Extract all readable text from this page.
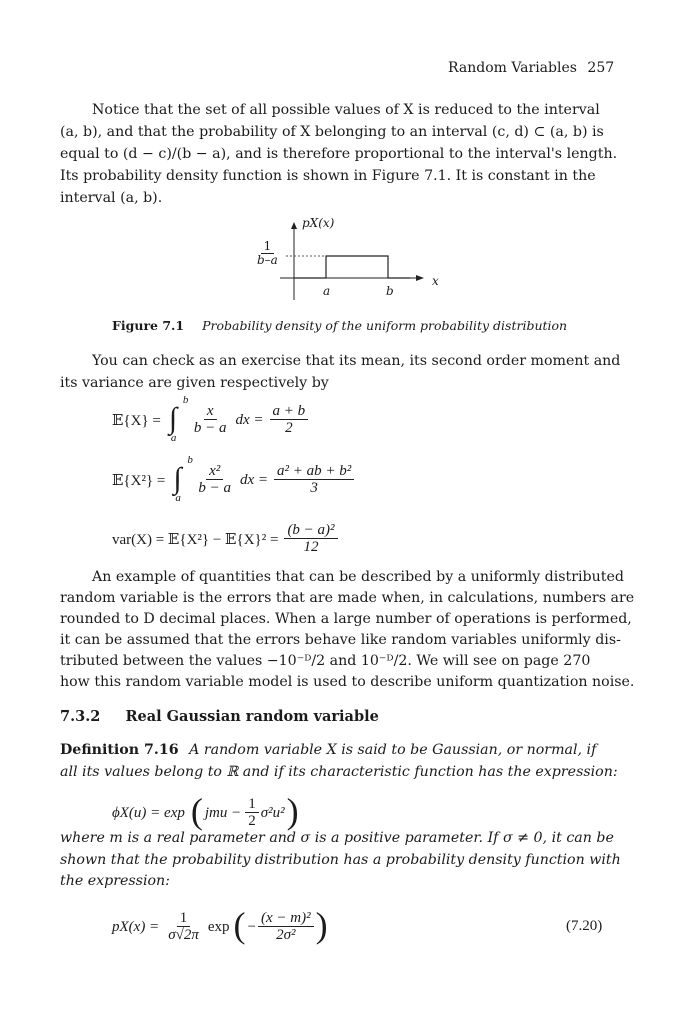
Random Variables 257
Notice that the set of all possible values of X is reduced to the interval
(a, b), and that the probability of X belonging to an interval (c, d) ⊂ (a, b) is
equal to (d − c)/(b − a), and is therefore proportional to the interval's length.
Its probability density function is shown in Figure 7.1. It is constant in the
interval (a, b).
pX(x)
x
$\frac{1}{b-a}$
a	b
Figure 7.1 Probability density of the uniform probability distribution
You can check as an exercise that its mean, its second order moment and
its variance are given respectively by
𝔼{X} = ∫
b
a
$\frac{x}{b - a}$ dx = $\frac{a + b}{2}$
𝔼{X²} = ∫
b
a
$\frac{\text{x²}}{b - a}$ dx = $\frac{\text{a² + ab + b²}}{3}$
var(X) = 𝔼{X²} − 𝔼{X}² = $\frac{\text{(b − a)²}}{12}$
An example of quantities that can be described by a uniformly distributed
random variable is the errors that are made when, in calculations, numbers are
rounded to D decimal places. When a large number of operations is performed,
it can be assumed that the errors behave like random variables uniformly dis-
tributed between the values −10⁻ᴰ/2 and 10⁻ᴰ/2. We will see on page 270
how this random variable model is used to describe uniform quantization noise.
7.3.2 Real Gaussian random variable
Definition 7.16 A random variable X is said to be Gaussian, or normal, if
all its values belong to ℝ and if its characteristic function has the expression:
ϕX(u) = exp ( jmu − $\frac{1}{2} \sigma^2u^2$ )
where m is a real parameter and σ is a positive parameter. If σ ≠ 0, it can be
shown that the probability distribution has a probability density function with
the expression:
$pX(x) = \frac{1}{\sigma√2\pi}$ exp ( − $\frac{\text{(x − m)²}}{\text{2σ²}}$ )	(7.20)
